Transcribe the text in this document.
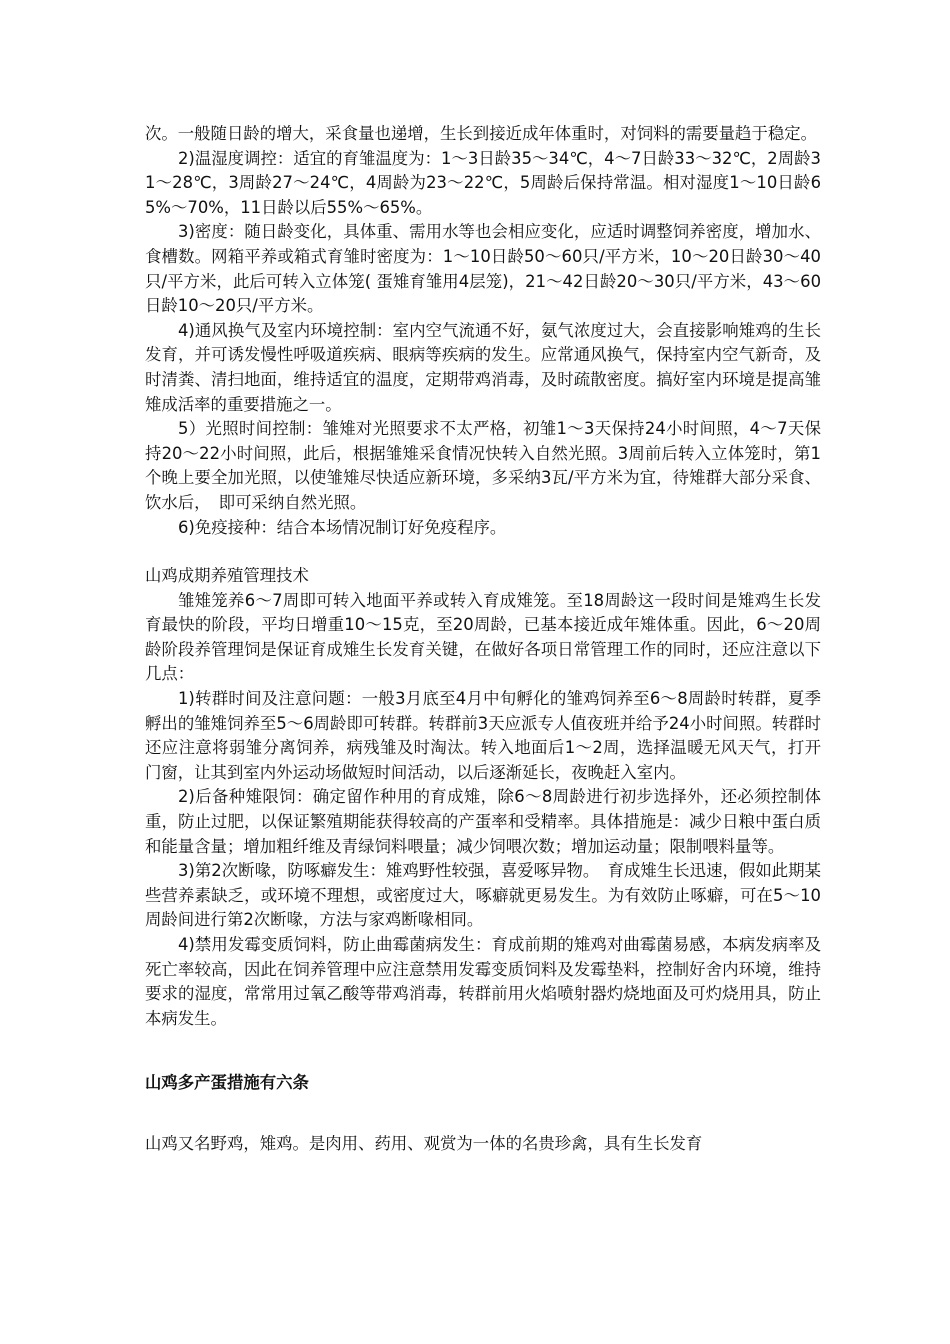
次。一般随日龄的增大，采食量也递增，生长到接近成年体重时，对饲料的需要量趋于稳定。

2)温湿度调控：适宜的育雏温度为：1～3日龄35～34℃，4～7日龄33～32℃，2周龄31～28℃，3周龄27～24℃，4周龄为23～22℃，5周龄后保持常温。相对湿度1～10日龄65%～70%，11日龄以后55%～65%。

3)密度：随日龄变化，具体重、需用水等也会相应变化，应适时调整饲养密度，增加水、食槽数。网箱平养或箱式育雏时密度为：1～10日龄50～60只/平方米，10～20日龄30～40只/平方米，此后可转入立体笼( 蛋雉育雏用4层笼)，21～42日龄20～30只/平方米，43～60日龄10～20只/平方米。

4)通风换气及室内环境控制：室内空气流通不好，氨气浓度过大，会直接影响雉鸡的生长发育，并可诱发慢性呼吸道疾病、眼病等疾病的发生。应常通风换气，保持室内空气新奇，及时清粪、清扫地面，维持适宜的温度，定期带鸡消毒，及时疏散密度。搞好室内环境是提高雏雉成活率的重要措施之一。

5）光照时间控制：雏雉对光照要求不太严格，初雏1～3天保持24小时间照，4～7天保持20～22小时间照，此后，根据雏雉采食情况快转入自然光照。3周前后转入立体笼时，第1个晚上要全加光照，以使雏雉尽快适应新环境，多采纳3瓦/平方米为宜，待雉群大部分采食、饮水后，　即可采纳自然光照。

6)免疫接种：结合本场情况制订好免疫程序。

山鸡成期养殖管理技术

雏雉笼养6～7周即可转入地面平养或转入育成雉笼。至18周龄这一段时间是雉鸡生长发育最快的阶段，平均日增重10～15克，至20周龄，已基本接近成年雉体重。因此，6～20周龄阶段养管理饲是保证育成雉生长发育关键，在做好各项日常管理工作的同时，还应注意以下几点：

1)转群时间及注意问题：一般3月底至4月中旬孵化的雏鸡饲养至6～8周龄时转群，夏季孵出的雏雉饲养至5～6周龄即可转群。转群前3天应派专人值夜班并给予24小时间照。转群时还应注意将弱雏分离饲养，病残雏及时淘汰。转入地面后1～2周，选择温暖无风天气，打开门窗，让其到室内外运动场做短时间活动，以后逐渐延长，夜晚赶入室内。

2)后备种雉限饲：确定留作种用的育成雉，除6～8周龄进行初步选择外，还必须控制体重，防止过肥，以保证繁殖期能获得较高的产蛋率和受精率。具体措施是：减少日粮中蛋白质和能量含量；增加粗纤维及青绿饲料喂量；减少饲喂次数；增加运动量；限制喂料量等。

3)第2次断喙，防啄癖发生：雉鸡野性较强，喜爱啄异物。　育成雉生长迅速，假如此期某些营养素缺乏，或环境不理想，或密度过大，啄癖就更易发生。为有效防止啄癖，可在5～10周龄间进行第2次断喙，方法与家鸡断喙相同。

4)禁用发霉变质饲料，防止曲霉菌病发生：育成前期的雉鸡对曲霉菌易感，本病发病率及死亡率较高，因此在饲养管理中应注意禁用发霉变质饲料及发霉垫料，控制好舍内环境，维持要求的湿度，常常用过氧乙酸等带鸡消毒，转群前用火焰喷射器灼烧地面及可灼烧用具，防止本病发生。

山鸡多产蛋措施有六条

山鸡又名野鸡，雉鸡。是肉用、药用、观赏为一体的名贵珍禽，具有生长发育
